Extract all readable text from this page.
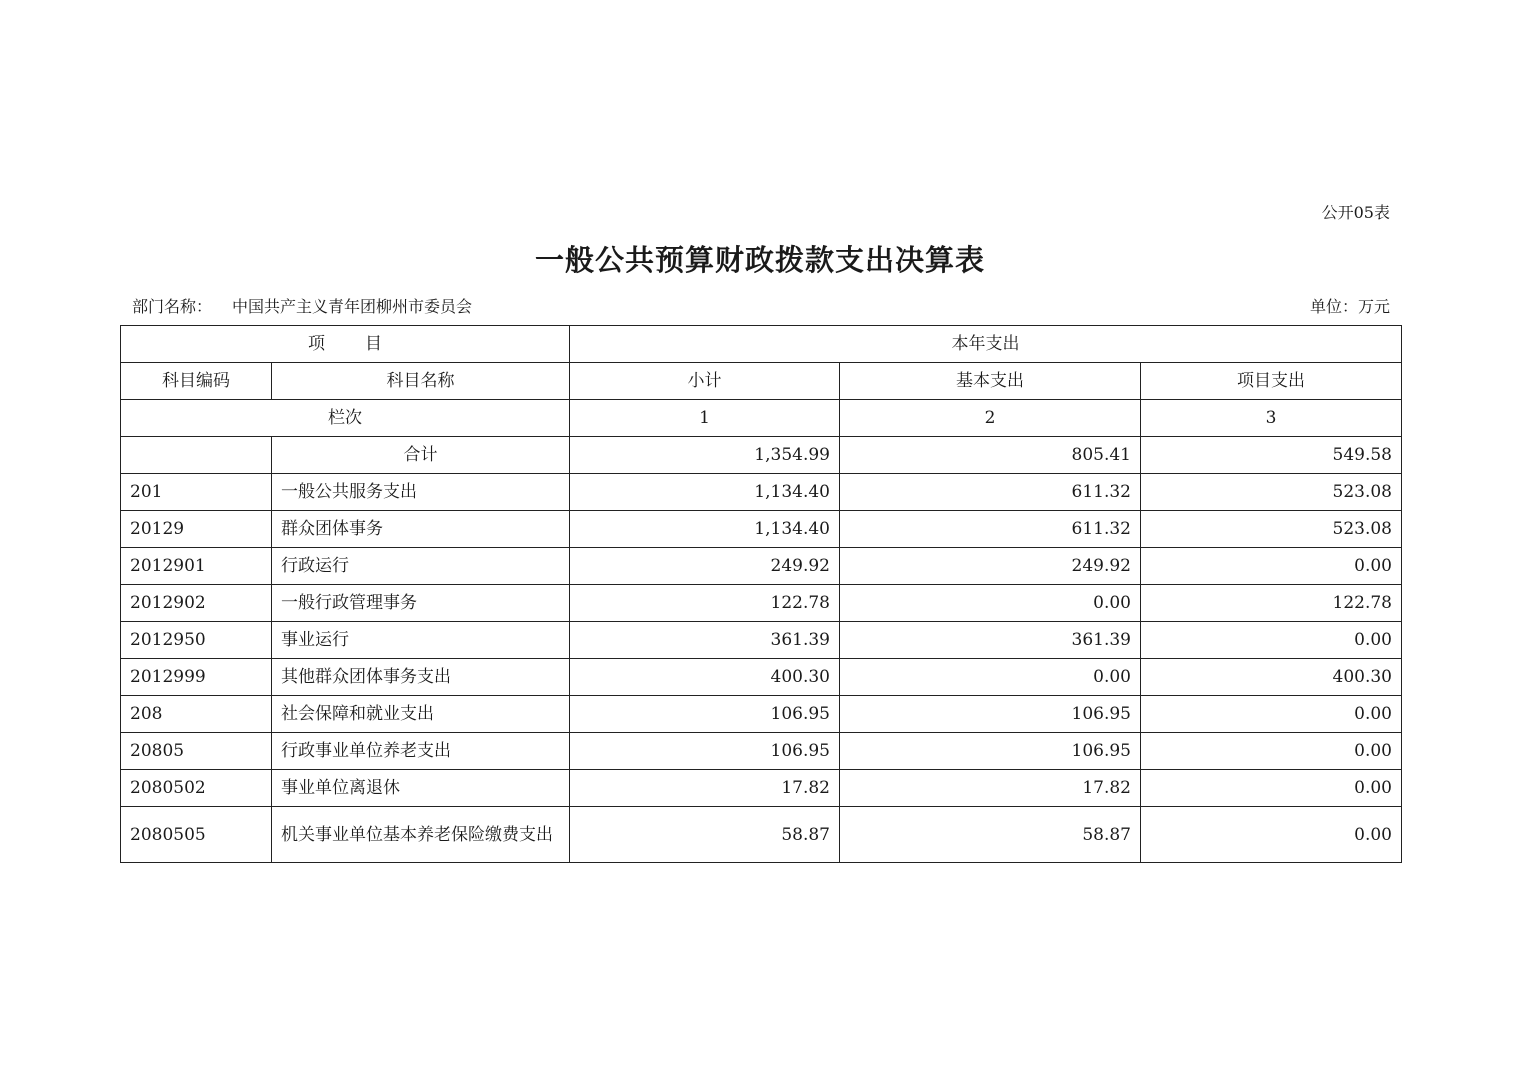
公开05表
一般公共预算财政拨款支出决算表
部门名称： 中国共产主义青年团柳州市委员会	单位：万元
项 目		本年支出		
科目编码	科目名称	小计	基本支出	项目支出
栏次		1	2	3
	合计	1,354.99	805.41	549.58
201	一般公共服务支出	1,134.40	611.32	523.08
20129	群众团体事务	1,134.40	611.32	523.08
2012901	行政运行	249.92	249.92	0.00
2012902	一般行政管理事务	122.78	0.00	122.78
2012950	事业运行	361.39	361.39	0.00
2012999	其他群众团体事务支出	400.30	0.00	400.30
208	社会保障和就业支出	106.95	106.95	0.00
20805	行政事业单位养老支出	106.95	106.95	0.00
2080502	事业单位离退休	17.82	17.82	0.00
2080505	机关事业单位基本养老保险缴费支出	58.87	58.87	0.00
